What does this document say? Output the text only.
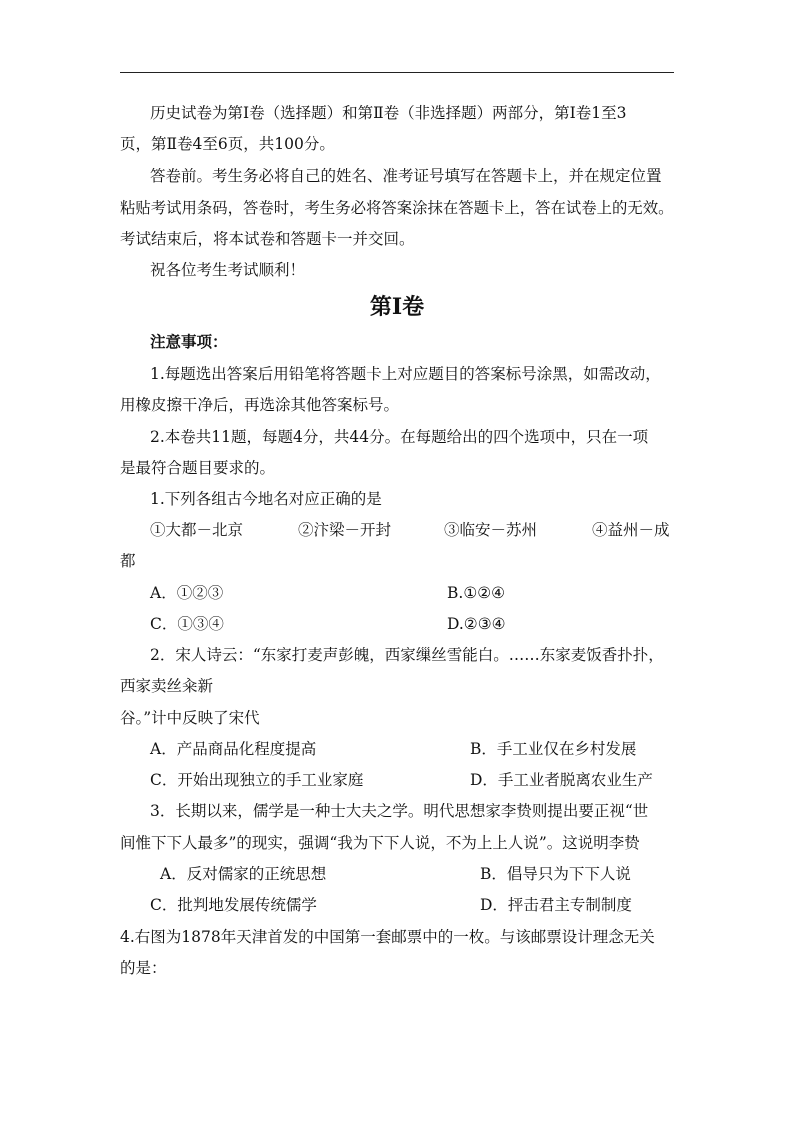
历史试卷为第Ⅰ卷（选择题）和第Ⅱ卷（非选择题）两部分，第Ⅰ卷1至3
页，第Ⅱ卷4至6页，共100分。
答卷前。考生务必将自己的姓名、准考证号填写在答题卡上，并在规定位置
粘贴考试用条码，答卷时，考生务必将答案涂抹在答题卡上，答在试卷上的无效。
考试结束后，将本试卷和答题卡一并交回。
祝各位考生考试顺利！
第Ⅰ卷
注意事项：
1.每题选出答案后用铅笔将答题卡上对应题目的答案标号涂黑，如需改动，
用橡皮擦干净后，再选涂其他答案标号。
2.本卷共11题，每题4分，共44分。在每题给出的四个选项中，只在一项
是最符合题目要求的。
1.下列各组古今地名对应正确的是
①大都－北京	②汴梁－开封	③临安－苏州	④益州－成
都
A．①②③	B.①②④
C．①③④	D.②③④
2．宋人诗云：“东家打麦声彭魄，西家缫丝雪能白。……东家麦饭香扑扑，
西家卖丝籴新
谷。”计中反映了宋代
A．产品商品化程度提高	B．手工业仅在乡村发展
C．开始出现独立的手工业家庭	D．手工业者脱离农业生产
3．长期以来，儒学是一种士大夫之学。明代思想家李贽则提出要正视“世
间惟下下人最多”的现实，强调“我为下下人说，不为上上人说”。这说明李贽
A．反对儒家的正统思想	B．倡导只为下下人说
C．批判地发展传统儒学	D．抨击君主专制制度
4.右图为1878年天津首发的中国第一套邮票中的一枚。与该邮票设计理念无关
的是：
